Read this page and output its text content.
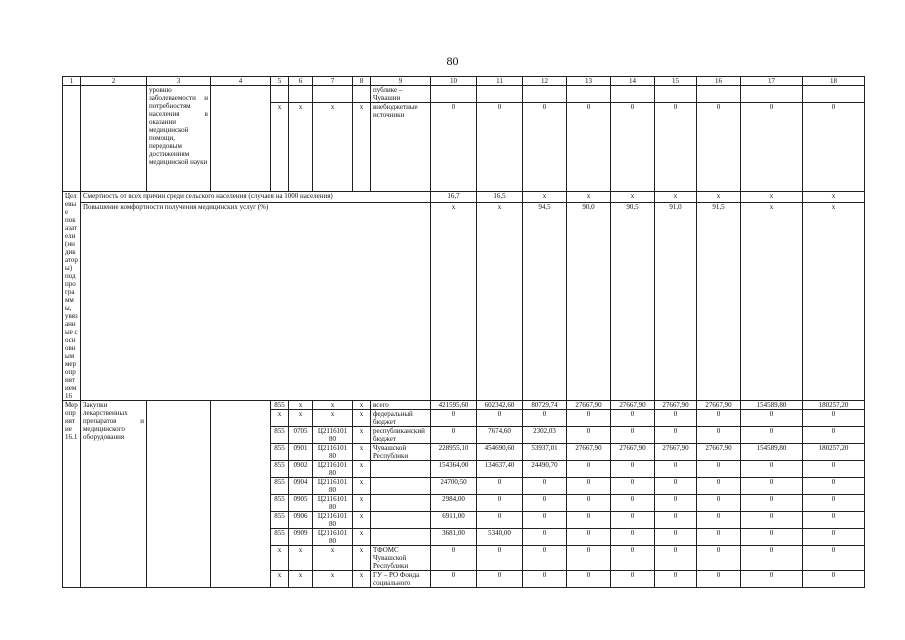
80
1	2	3	4	5	6	7	8	9	10	11	12	13	14	15	16	17	18
		уровню заболеваемости и потребностям населения в оказании медицинской помощи, передовым достижениям медицинской науки						публике – Чувашии									
				x	x	x	x	внебюджетные источники	0	0	0	0	0	0	0	0	0
Целевые показатели (индикаторы) подпрограммы, увязанные с основным мероприятием 16	Смертность от всех причин среди сельского населения (случаев на 1000 населения)								16,7	16,5	x	x	x	x	x	x	x
	Повышение комфортности получения медицинских услуг (%)								x	x	94,5	90,0	90,5	91,0	91,5	x	x
Мероприятие 16.1	Закупки лекарственных препаратов и медицинского оборудования			855	x	x	x	всего	421595,60	602342,60	80729,74	27667,90	27667,90	27667,90	27667,90	154589,80	180257,20
				x	x	x	x	федеральный бюджет	0	0	0	0	0	0	0	0	0
				855	0705	Ц2116101 80	x	республиканский бюджет	0	7674,60	2302,03	0	0	0	0	0	0
				855	0901	Ц2116101 80	x	Чувашской Республики	228955,10	454690,60	53937,01	27667,90	27667,90	27667,90	27667,90	154589,80	180257,20
				855	0902	Ц2116101 80	x		154364,00	134637,40	24490,70	0	0	0	0	0	0
				855	0904	Ц2116101 80	x		24700,50	0	0	0	0	0	0	0	0
				855	0905	Ц2116101 80	x		2984,00	0	0	0	0	0	0	0	0
				855	0906	Ц2116101 80	x		6911,00	0	0	0	0	0	0	0	0
				855	0909	Ц2116101 80	x		3681,00	5340,00	0	0	0	0	0	0	0
				x	x	x	x	ТФОМС Чувашской Республики	0	0	0	0	0	0	0	0	0
				x	x	x	x	ГУ – РО Фонда социального	0	0	0	0	0	0	0	0	0
